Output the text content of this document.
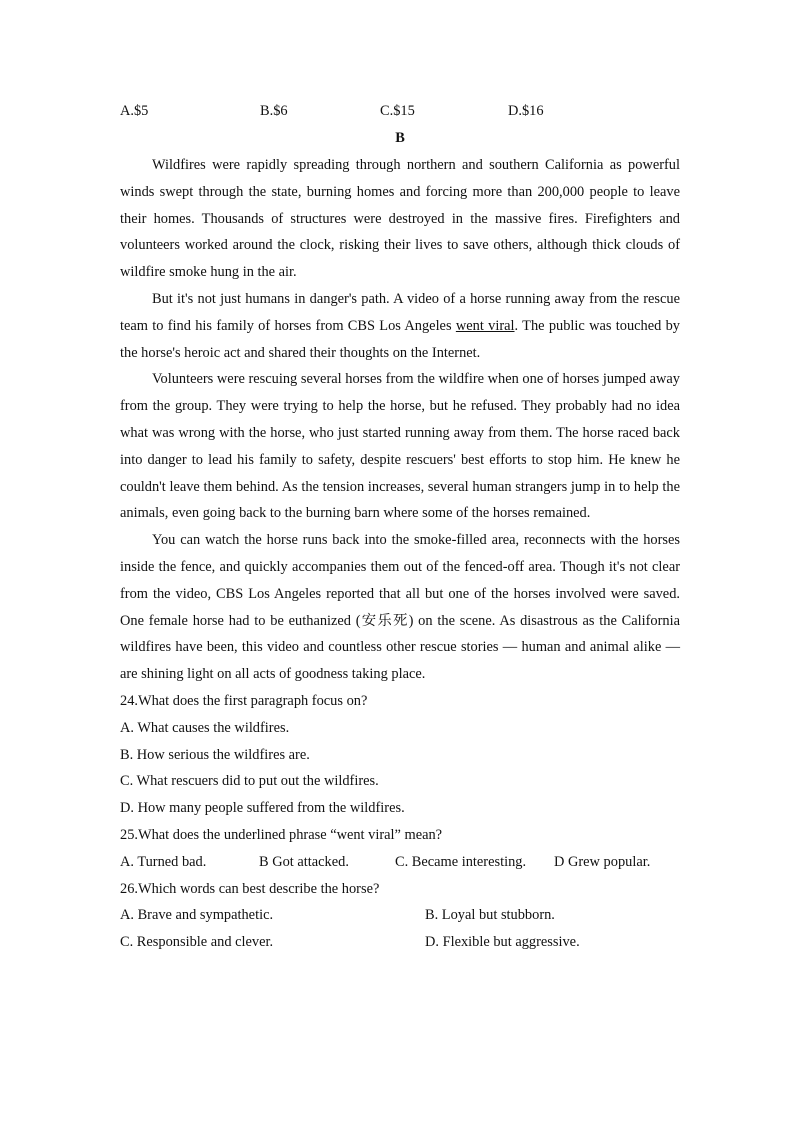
A.$5	B.$6	C.$15	D.$16
B

Wildfires were rapidly spreading through northern and southern California as powerful winds swept through the state, burning homes and forcing more than 200,000 people to leave their homes. Thousands of structures were destroyed in the massive fires. Firefighters and volunteers worked around the clock, risking their lives to save others, although thick clouds of wildfire smoke hung in the air.

But it's not just humans in danger's path. A video of a horse running away from the rescue team to find his family of horses from CBS Los Angeles went viral. The public was touched by the horse's heroic act and shared their thoughts on the Internet.

Volunteers were rescuing several horses from the wildfire when one of horses jumped away from the group. They were trying to help the horse, but he refused. They probably had no idea what was wrong with the horse, who just started running away from them. The horse raced back into danger to lead his family to safety, despite rescuers' best efforts to stop him. He knew he couldn't leave them behind. As the tension increases, several human strangers jump in to help the animals, even going back to the burning barn where some of the horses remained.

You can watch the horse runs back into the smoke-filled area, reconnects with the horses inside the fence, and quickly accompanies them out of the fenced-off area. Though it's not clear from the video, CBS Los Angeles reported that all but one of the horses involved were saved. One female horse had to be euthanized (安乐死) on the scene. As disastrous as the California wildfires have been, this video and countless other rescue stories — human and animal alike — are shining light on all acts of goodness taking place.

24.What does the first paragraph focus on?
A. What causes the wildfires.
B. How serious the wildfires are.
C. What rescuers did to put out the wildfires.
D. How many people suffered from the wildfires.
25.What does the underlined phrase “went viral” mean?
A. Turned bad.	B Got attacked.	C. Became interesting. D Grew popular.
26.Which words can best describe the horse?
A. Brave and sympathetic.	B. Loyal but stubborn.
C. Responsible and clever.	D. Flexible but aggressive.
